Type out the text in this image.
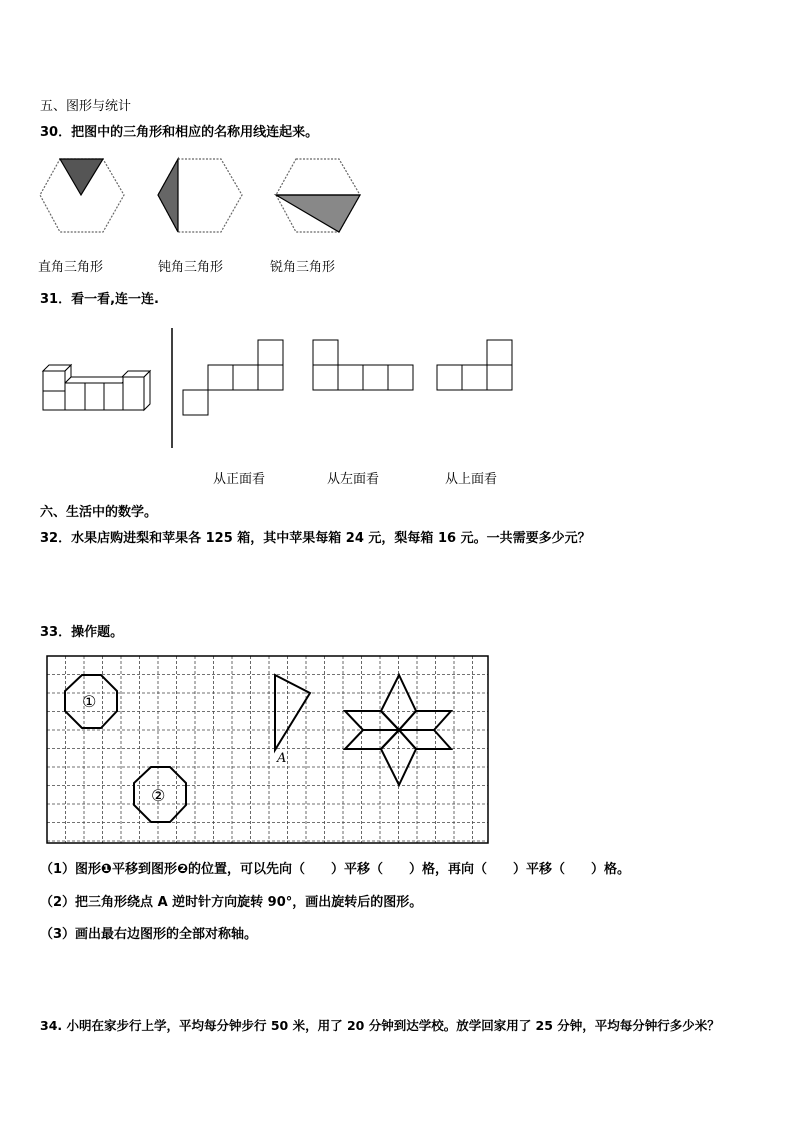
五、图形与统计
30．把图中的三角形和相应的名称用线连起来。
直角三角形	钝角三角形	锐角三角形
31．看一看,连一连.
从正面看	从左面看	从上面看
六、生活中的数学。
32．水果店购进梨和苹果各 125 箱，其中苹果每箱 24 元，梨每箱 16 元。一共需要多少元？
33．操作题。
①
②
A
（1）图形❶平移到图形❷的位置，可以先向（　　）平移（　　）格，再向（　　）平移（　　）格。
（2）把三角形绕点 A 逆时针方向旋转 90°，画出旋转后的图形。
（3）画出最右边图形的全部对称轴。
34. 小明在家步行上学，平均每分钟步行 50 米，用了 20 分钟到达学校。放学回家用了 25 分钟，平均每分钟行多少米？
